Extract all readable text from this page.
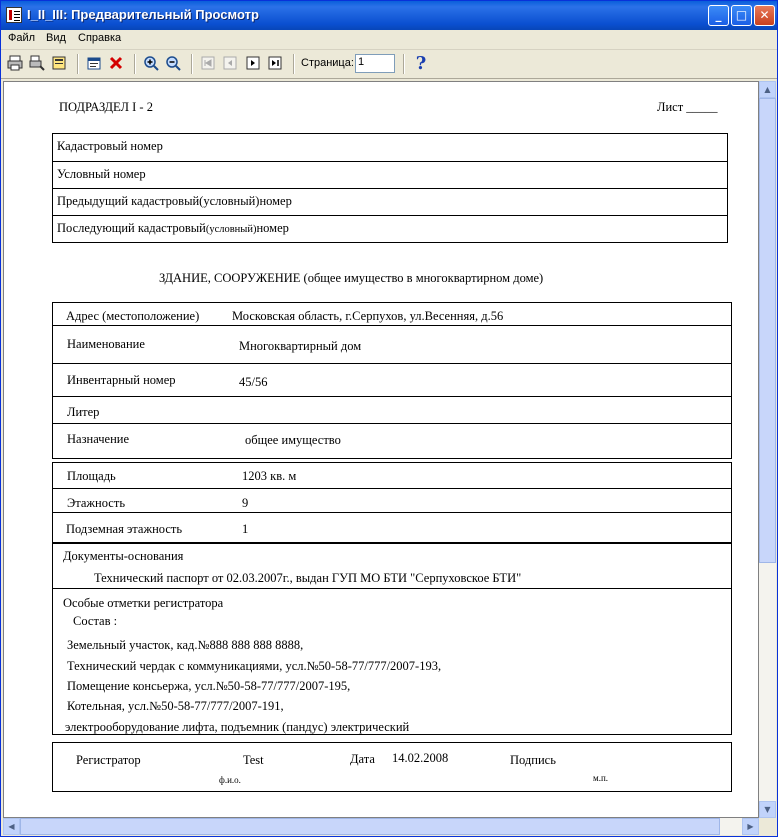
I_II_III: Предварительный Просмотр	_	□	✕
Файл Вид Справка
Страница: 1	?
ПОДРАЗДЕЛ I - 2	Лист _____
Кадастровый номер
Условный номер
Предыдущий кадастровый(условный)номер
Последующий кадастровый(условный)номер
ЗДАНИЕ, СООРУЖЕНИЕ (общее имущество в многоквартирном доме)
Адрес (местоположение)	Московская область, г.Серпухов, ул.Весенняя, д.56
Наименование	Многоквартирный дом
Инвентарный номер	45/56
Литер
Назначение	общее имущество
Площадь	1203 кв. м
Этажность	9
Подземная этажность	1
Документы-основания
Технический паспорт от 02.03.2007г., выдан ГУП МО БТИ "Серпуховское БТИ"
Особые отметки регистратора
Состав :
Земельный участок, кад.№888 888 888 8888,
Технический чердак с коммуникациями, усл.№50-58-77/777/2007-193,
Помещение консьержа, усл.№50-58-77/777/2007-195,
Котельная, усл.№50-58-77/777/2007-191,
электрооборудование лифта, подъемник (пандус) электрический
Регистратор	Test	Дата 14.02.2008	Подпись
ф.и.о.	м.п.
▲
▼
◀	▶
